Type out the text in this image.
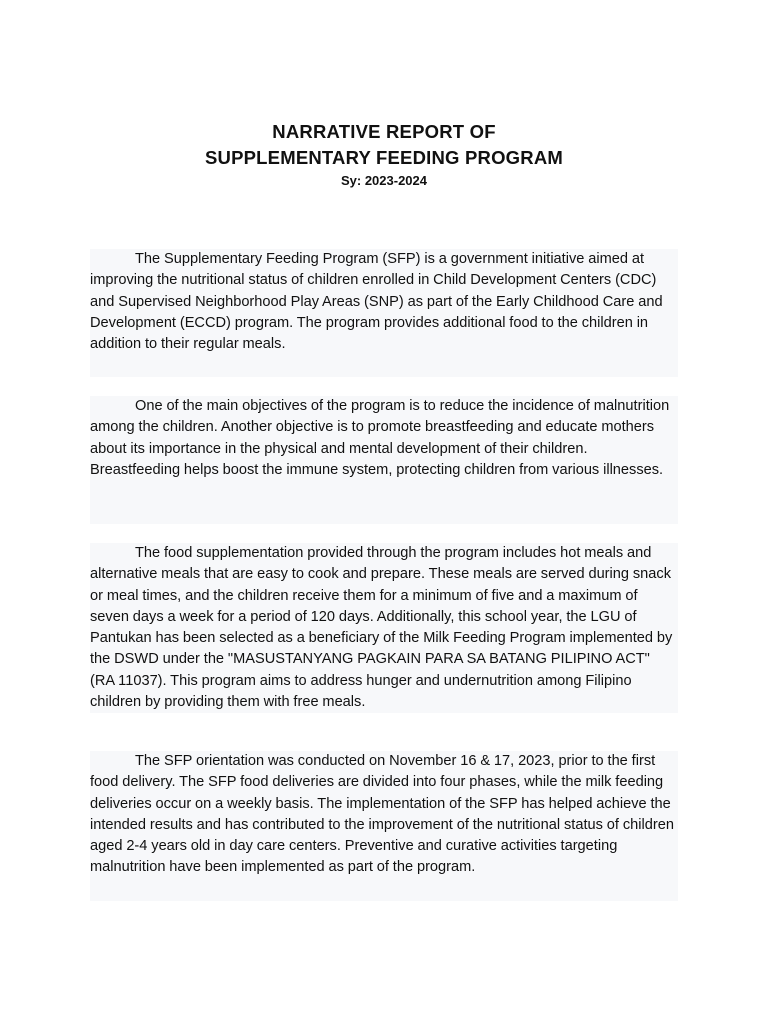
NARRATIVE REPORT OF
SUPPLEMENTARY FEEDING PROGRAM

Sy: 2023-2024

The Supplementary Feeding Program (SFP) is a government initiative aimed at improving the nutritional status of children enrolled in Child Development Centers (CDC) and Supervised Neighborhood Play Areas (SNP) as part of the Early Childhood Care and Development (ECCD) program. The program provides additional food to the children in addition to their regular meals.

One of the main objectives of the program is to reduce the incidence of malnutrition among the children. Another objective is to promote breastfeeding and educate mothers about its importance in the physical and mental development of their children. Breastfeeding helps boost the immune system, protecting children from various illnesses.

The food supplementation provided through the program includes hot meals and alternative meals that are easy to cook and prepare. These meals are served during snack or meal times, and the children receive them for a minimum of five and a maximum of seven days a week for a period of 120 days. Additionally, this school year, the LGU of Pantukan has been selected as a beneficiary of the Milk Feeding Program implemented by the DSWD under the "MASUSTANYANG PAGKAIN PARA SA BATANG PILIPINO ACT" (RA 11037). This program aims to address hunger and undernutrition among Filipino children by providing them with free meals.

The SFP orientation was conducted on November 16 & 17, 2023, prior to the first food delivery. The SFP food deliveries are divided into four phases, while the milk feeding deliveries occur on a weekly basis. The implementation of the SFP has helped achieve the intended results and has contributed to the improvement of the nutritional status of children aged 2-4 years old in day care centers. Preventive and curative activities targeting malnutrition have been implemented as part of the program.
